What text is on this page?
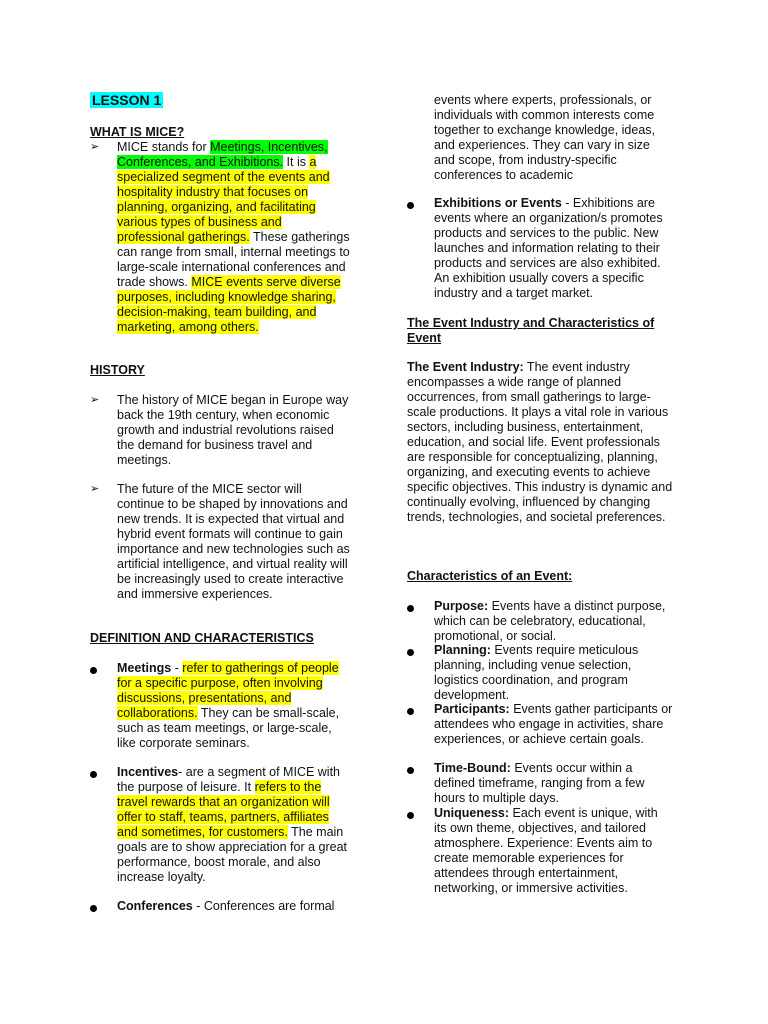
LESSON 1
WHAT IS MICE?
➢ MICE stands for Meetings, Incentives, Conferences, and Exhibitions. It is a specialized segment of the events and hospitality industry that focuses on planning, organizing, and facilitating various types of business and professional gatherings. These gatherings can range from small, internal meetings to large-scale international conferences and trade shows. MICE events serve diverse purposes, including knowledge sharing, decision-making, team building, and marketing, among others.
HISTORY
➢ The history of MICE began in Europe way back the 19th century, when economic growth and industrial revolutions raised the demand for business travel and meetings.
➢ The future of the MICE sector will continue to be shaped by innovations and new trends. It is expected that virtual and hybrid event formats will continue to gain importance and new technologies such as artificial intelligence, and virtual reality will be increasingly used to create interactive and immersive experiences.
DEFINITION AND CHARACTERISTICS
Meetings - refer to gatherings of people for a specific purpose, often involving discussions, presentations, and collaborations. They can be small-scale, such as team meetings, or large-scale, like corporate seminars.
Incentives- are a segment of MICE with the purpose of leisure. It refers to the travel rewards that an organization will offer to staff, teams, partners, affiliates and sometimes, for customers. The main goals are to show appreciation for a great performance, boost morale, and also increase loyalty.
Conferences - Conferences are formal
events where experts, professionals, or individuals with common interests come together to exchange knowledge, ideas, and experiences. They can vary in size and scope, from industry-specific conferences to academic
Exhibitions or Events - Exhibitions are events where an organization/s promotes products and services to the public. New launches and information relating to their products and services are also exhibited. An exhibition usually covers a specific industry and a target market.
The Event Industry and Characteristics of Event
The Event Industry: The event industry encompasses a wide range of planned occurrences, from small gatherings to large-scale productions. It plays a vital role in various sectors, including business, entertainment, education, and social life. Event professionals are responsible for conceptualizing, planning, organizing, and executing events to achieve specific objectives. This industry is dynamic and continually evolving, influenced by changing trends, technologies, and societal preferences.
Characteristics of an Event:
Purpose: Events have a distinct purpose, which can be celebratory, educational, promotional, or social.
Planning: Events require meticulous planning, including venue selection, logistics coordination, and program development.
Participants: Events gather participants or attendees who engage in activities, share experiences, or achieve certain goals.
Time-Bound: Events occur within a defined timeframe, ranging from a few hours to multiple days.
Uniqueness: Each event is unique, with its own theme, objectives, and tailored atmosphere. Experience: Events aim to create memorable experiences for attendees through entertainment, networking, or immersive activities.
